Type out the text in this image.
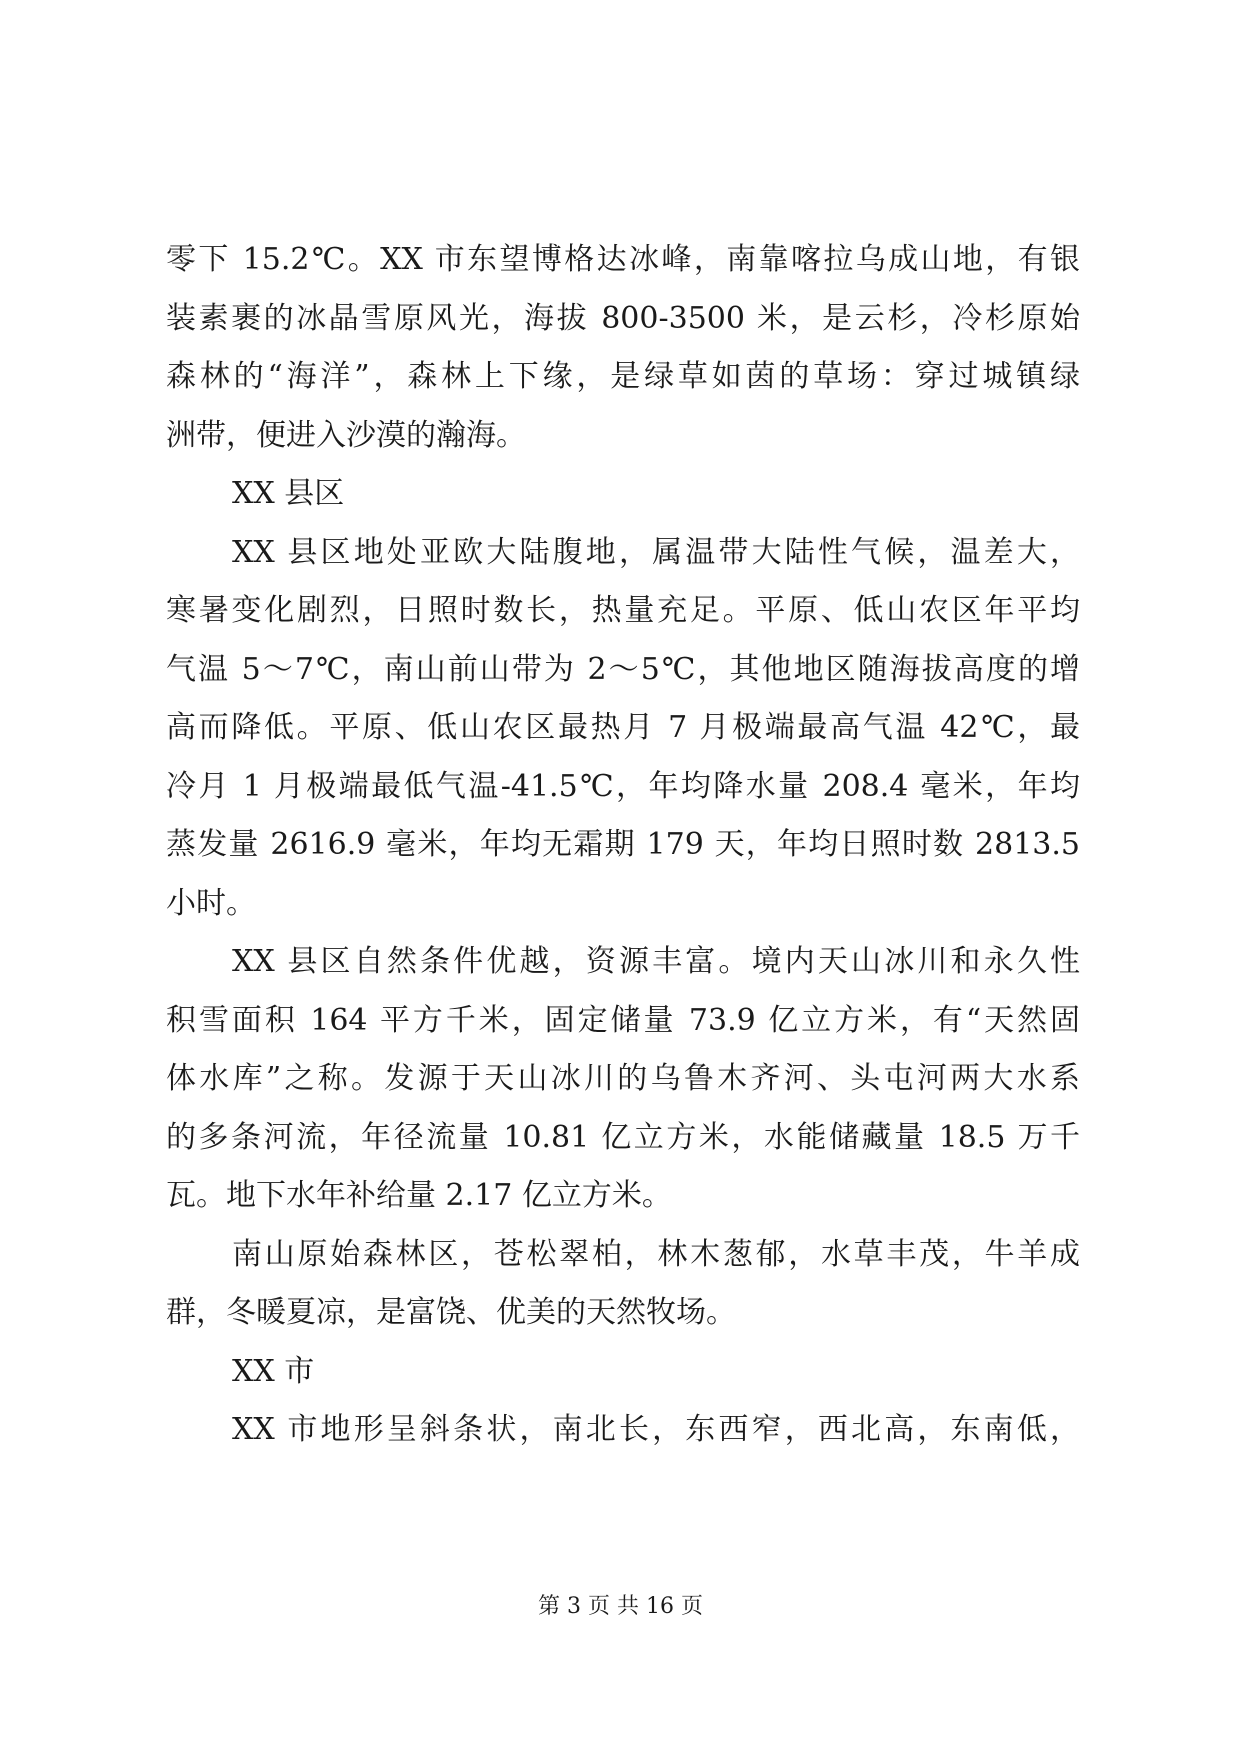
零下 15.2℃。XX 市东望博格达冰峰，南靠喀拉乌成山地，有银
装素裹的冰晶雪原风光，海拔 800-3500 米，是云杉，冷杉原始
森林的“海洋”，森林上下缘，是绿草如茵的草场：穿过城镇绿
洲带，便进入沙漠的瀚海。
XX 县区
XX 县区地处亚欧大陆腹地，属温带大陆性气候，温差大，
寒暑变化剧烈，日照时数长，热量充足。平原、低山农区年平均
气温 5～7℃，南山前山带为 2～5℃，其他地区随海拔高度的增
高而降低。平原、低山农区最热月 7 月极端最高气温 42℃，最
冷月 1 月极端最低气温-41.5℃，年均降水量 208.4 毫米，年均
蒸发量 2616.9 毫米，年均无霜期 179 天，年均日照时数 2813.5
小时。
XX 县区自然条件优越，资源丰富。境内天山冰川和永久性
积雪面积 164 平方千米，固定储量 73.9 亿立方米，有“天然固
体水库”之称。发源于天山冰川的乌鲁木齐河、头屯河两大水系
的多条河流，年径流量 10.81 亿立方米，水能储藏量 18.5 万千
瓦。地下水年补给量 2.17 亿立方米。
南山原始森林区，苍松翠柏，林木葱郁，水草丰茂，牛羊成
群，冬暖夏凉，是富饶、优美的天然牧场。
XX 市
XX 市地形呈斜条状，南北长，东西窄，西北高，东南低，
第 3 页 共 16 页
